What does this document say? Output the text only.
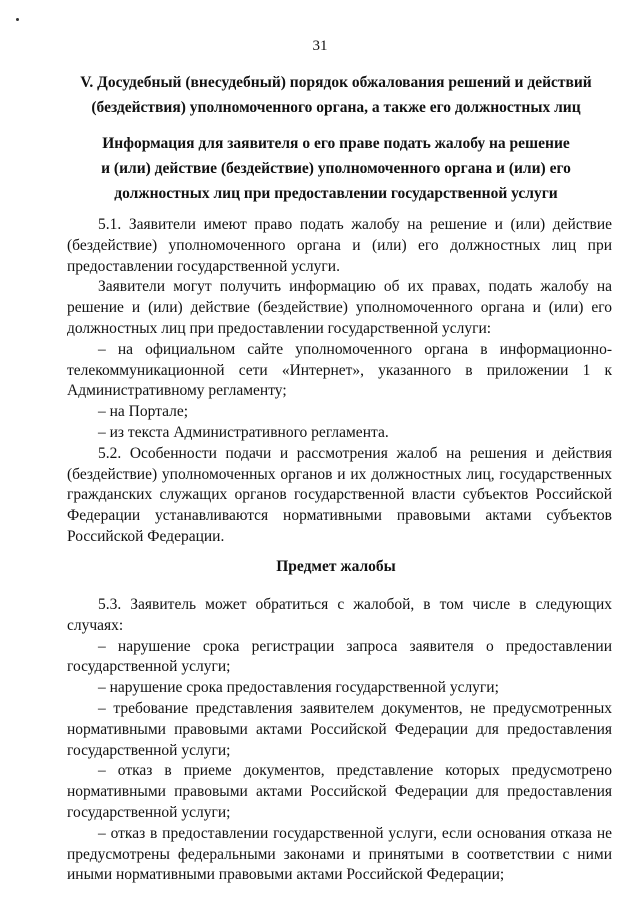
31
V. Досудебный (внесудебный) порядок обжалования решений и действий
(бездействия) уполномоченного органа, а также его должностных лиц
Информация для заявителя о его праве подать жалобу на решение
и (или) действие (бездействие) уполномоченного органа и (или) его
должностных лиц при предоставлении государственной услуги

5.1. Заявители имеют право подать жалобу на решение и (или) действие (бездействие) уполномоченного органа и (или) его должностных лиц при предоставлении государственной услуги.

Заявители могут получить информацию об их правах, подать жалобу на решение и (или) действие (бездействие) уполномоченного органа и (или) его должностных лиц при предоставлении государственной услуги:

– на официальном сайте уполномоченного органа в информационно-телекоммуникационной сети «Интернет», указанного в приложении 1 к Административному регламенту;

– на Портале;

– из текста Административного регламента.

5.2. Особенности подачи и рассмотрения жалоб на решения и действия (бездействие) уполномоченных органов и их должностных лиц, государственных гражданских служащих органов государственной власти субъектов Российской Федерации устанавливаются нормативными правовыми актами субъектов Российской Федерации.

Предмет жалобы

5.3. Заявитель может обратиться с жалобой, в том числе в следующих случаях:

– нарушение срока регистрации запроса заявителя о предоставлении государственной услуги;

– нарушение срока предоставления государственной услуги;

– требование представления заявителем документов, не предусмотренных нормативными правовыми актами Российской Федерации для предоставления государственной услуги;

– отказ в приеме документов, представление которых предусмотрено нормативными правовыми актами Российской Федерации для предоставления государственной услуги;

– отказ в предоставлении государственной услуги, если основания отказа не предусмотрены федеральными законами и принятыми в соответствии с ними иными нормативными правовыми актами Российской Федерации;
